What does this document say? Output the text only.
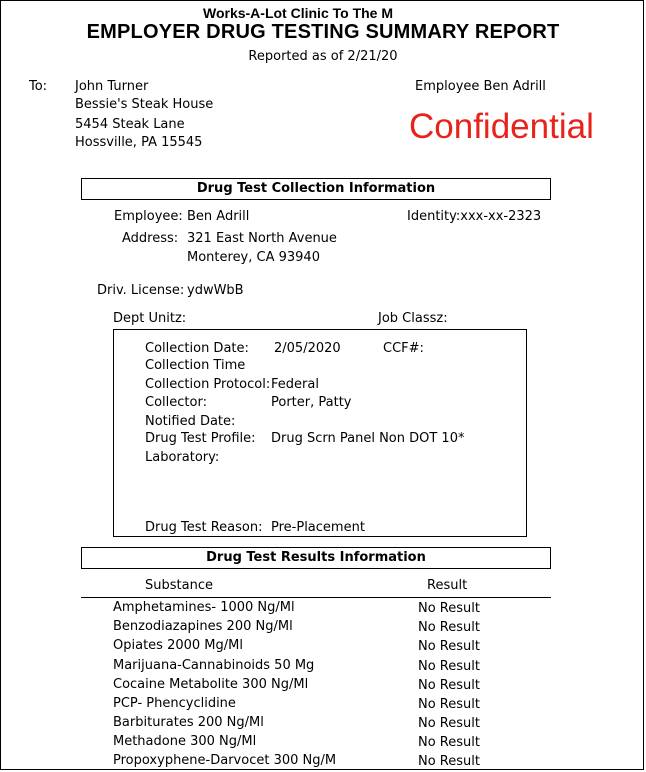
Works-A-Lot Clinic To The M
EMPLOYER DRUG TESTING SUMMARY REPORT
Reported as of 2/21/20
To: John Turner
Bessie's Steak House
5454 Steak Lane
Hossville, PA 15545
Employee Ben Adrill
Confidential
Drug Test Collection Information
Employee: Ben Adrill	Identity:xxx-xx-2323
Address: 321 East North Avenue
Monterey, CA 93940
Driv. License: ydwWbB
Dept Unitz:	Job Classz:
Collection Date: 2/05/2020	CCF#:
Collection Time
Collection Protocol: Federal
Collector:	Porter, Patty
Notified Date:
Drug Test Profile: Drug Scrn Panel Non DOT 10*
Laboratory:
Drug Test Reason: Pre-Placement
Drug Test Results Information
Substance	Result
Amphetamines- 1000 Ng/Ml	No Result
Benzodiazapines 200 Ng/Ml	No Result
Opiates 2000 Mg/Ml	No Result
Marijuana-Cannabinoids 50 Mg	No Result
Cocaine Metabolite 300 Ng/Ml	No Result
PCP- Phencyclidine	No Result
Barbiturates 200 Ng/Ml	No Result
Methadone 300 Ng/Ml	No Result
Propoxyphene-Darvocet 300 Ng/M	No Result
